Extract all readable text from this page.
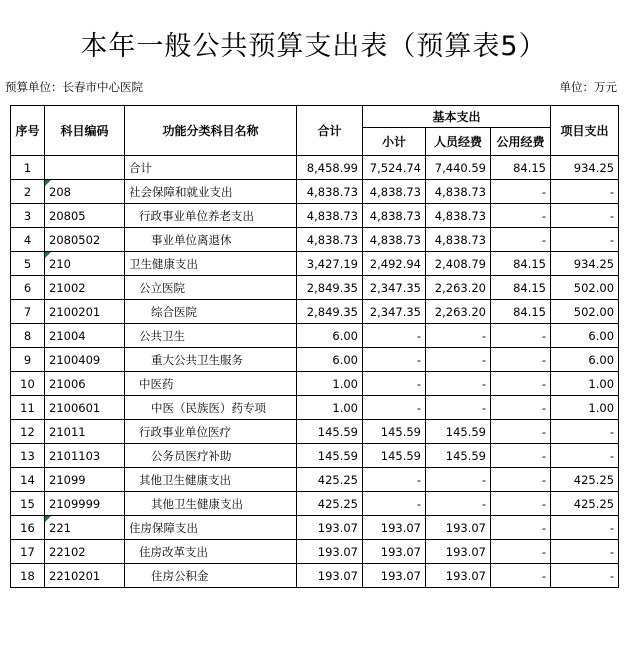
本年一般公共预算支出表（预算表5）
预算单位：长春市中心医院	单位：万元
序号	科目编码	功能分类科目名称	合计	基本支出			项目支出
				小计	人员经费	公用经费	
1		合计	8,458.99	7,524.74	7,440.59	84.15	934.25
2	208	社会保障和就业支出	4,838.73	4,838.73	4,838.73	-	-
3	20805	行政事业单位养老支出	4,838.73	4,838.73	4,838.73	-	-
4	2080502	事业单位离退休	4,838.73	4,838.73	4,838.73	-	-
5	210	卫生健康支出	3,427.19	2,492.94	2,408.79	84.15	934.25
6	21002	公立医院	2,849.35	2,347.35	2,263.20	84.15	502.00
7	2100201	综合医院	2,849.35	2,347.35	2,263.20	84.15	502.00
8	21004	公共卫生	6.00	-	-	-	6.00
9	2100409	重大公共卫生服务	6.00	-	-	-	6.00
10	21006	中医药	1.00	-	-	-	1.00
11	2100601	中医（民族医）药专项	1.00	-	-	-	1.00
12	21011	行政事业单位医疗	145.59	145.59	145.59	-	-
13	2101103	公务员医疗补助	145.59	145.59	145.59	-	-
14	21099	其他卫生健康支出	425.25	-	-	-	425.25
15	2109999	其他卫生健康支出	425.25	-	-	-	425.25
16	221	住房保障支出	193.07	193.07	193.07	-	-
17	22102	住房改革支出	193.07	193.07	193.07	-	-
18	2210201	住房公积金	193.07	193.07	193.07	-	-
